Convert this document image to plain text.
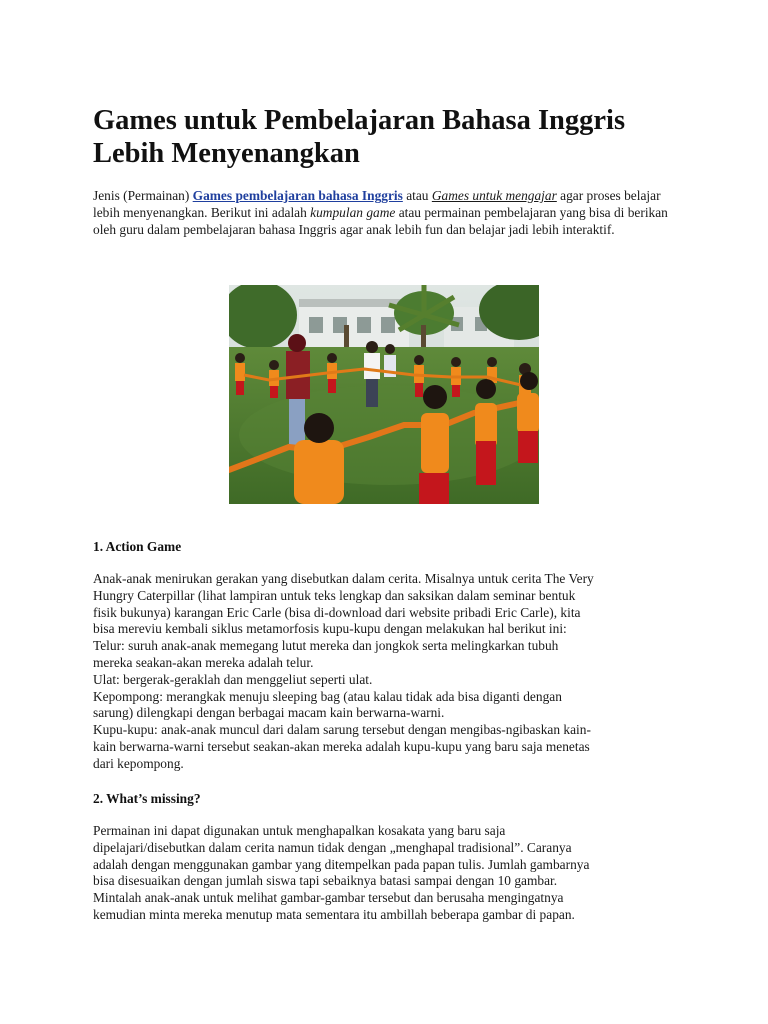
Games untuk Pembelajaran Bahasa Inggris Lebih Menyenangkan

Jenis (Permainan) Games pembelajaran bahasa Inggris atau Games untuk mengajar agar proses belajar lebih menyenangkan. Berikut ini adalah kumpulan game atau permainan pembelajaran yang bisa di berikan oleh guru dalam pembelajaran bahasa Inggris agar anak lebih fun dan belajar jadi lebih interaktif.

1. Action Game

Anak-anak menirukan gerakan yang disebutkan dalam cerita. Misalnya untuk cerita The Very
Hungry Caterpillar (lihat lampiran untuk teks lengkap dan saksikan dalam seminar bentuk
fisik bukunya) karangan Eric Carle (bisa di-download dari website pribadi Eric Carle), kita
bisa mereviu kembali siklus metamorfosis kupu-kupu dengan melakukan hal berikut ini:
Telur: suruh anak-anak memegang lutut mereka dan jongkok serta melingkarkan tubuh
mereka seakan-akan mereka adalah telur.
Ulat: bergerak-geraklah dan menggeliut seperti ulat.
Kepompong: merangkak menuju sleeping bag (atau kalau tidak ada bisa diganti dengan
sarung) dilengkapi dengan berbagai macam kain berwarna-warni.
Kupu-kupu: anak-anak muncul dari dalam sarung tersebut dengan mengibas-ngibaskan kain-
kain berwarna-warni tersebut seakan-akan mereka adalah kupu-kupu yang baru saja menetas
dari kepompong.

2. What’s missing?

Permainan ini dapat digunakan untuk menghapalkan kosakata yang baru saja
dipelajari/disebutkan dalam cerita namun tidak dengan „menghapal tradisional”. Caranya
adalah dengan menggunakan gambar yang ditempelkan pada papan tulis. Jumlah gambarnya
bisa disesuaikan dengan jumlah siswa tapi sebaiknya batasi sampai dengan 10 gambar.
Mintalah anak-anak untuk melihat gambar-gambar tersebut dan berusaha mengingatnya
kemudian minta mereka menutup mata sementara itu ambillah beberapa gambar di papan.
